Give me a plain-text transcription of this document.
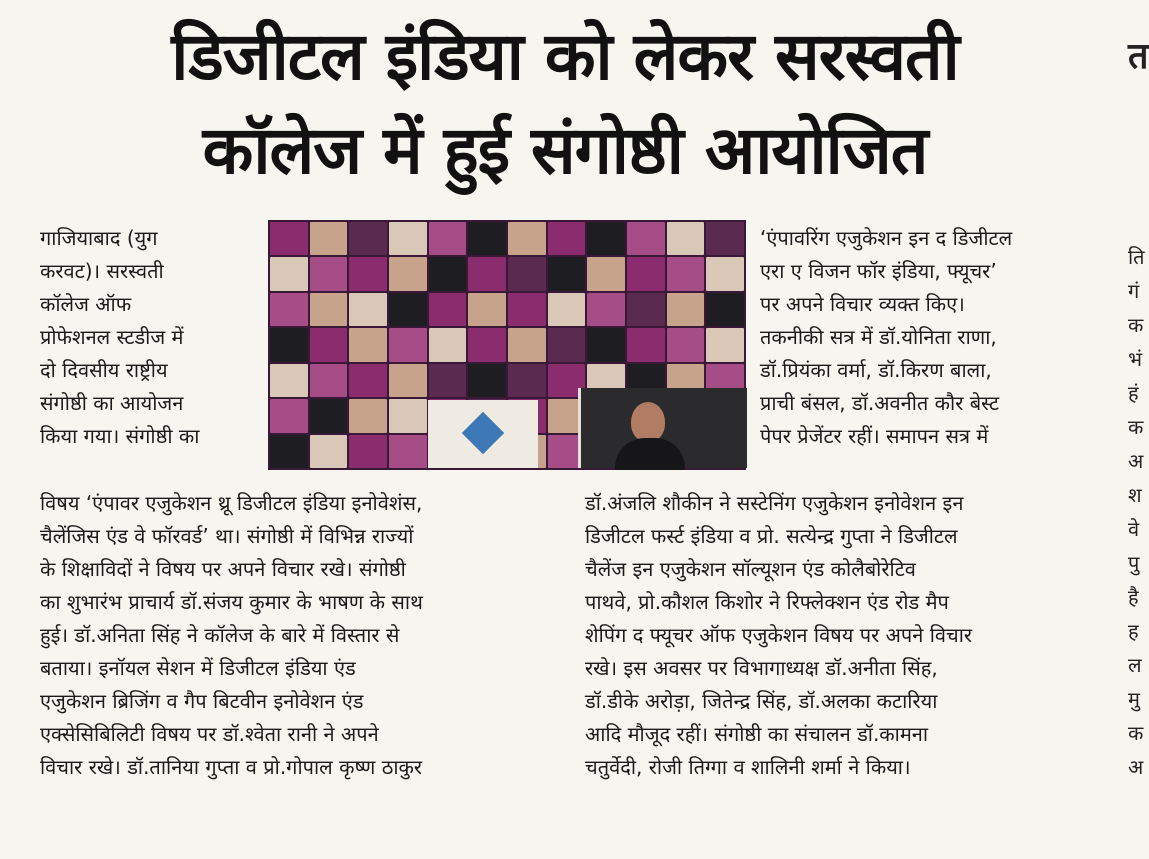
डिजीटल इंडिया को लेकर सरस्वती
कॉलेज में हुई संगोष्ठी आयोजित

गाजियाबाद (युग

करवट)। सरस्वती

कॉलेज ऑफ

प्रोफेशनल स्टडीज में

दो दिवसीय राष्ट्रीय

संगोष्ठी का आयोजन

किया गया। संगोष्ठी का

‘एंपावरिंग एजुकेशन इन द डिजीटल

एरा ए विजन फॉर इंडिया, फ्यूचर’

पर अपने विचार व्यक्त किए।

तकनीकी सत्र में डॉ.योनिता राणा,

डॉ.प्रियंका वर्मा, डॉ.किरण बाला,

प्राची बंसल, डॉ.अवनीत कौर बेस्ट

पेपर प्रेजेंटर रहीं। समापन सत्र में

विषय ‘एंपावर एजुकेशन थ्रू डिजीटल इंडिया इनोवेशंस,

चैलेंजिस एंड वे फॉरवर्ड’ था। संगोष्ठी में विभिन्न राज्यों

के शिक्षाविदों ने विषय पर अपने विचार रखे। संगोष्ठी

का शुभारंभ प्राचार्य डॉ.संजय कुमार के भाषण के साथ

हुई। डॉ.अनिता सिंह ने कॉलेज के बारे में विस्तार से

बताया। इनॉयल सेशन में डिजीटल इंडिया एंड

एजुकेशन ब्रिजिंग व गैप बिटवीन इनोवेशन एंड

एक्सेसिबिलिटी विषय पर डॉ.श्वेता रानी ने अपने

विचार रखे। डॉ.तानिया गुप्ता व प्रो.गोपाल कृष्ण ठाकुर

डॉ.अंजलि शौकीन ने सस्टेनिंग एजुकेशन इनोवेशन इन

डिजीटल फर्स्ट इंडिया व प्रो. सत्येन्द्र गुप्ता ने डिजीटल

चैलेंज इन एजुकेशन सॉल्यूशन एंड कोलैबोरेटिव

पाथवे, प्रो.कौशल किशोर ने रिफ्लेक्शन एंड रोड मैप

शेपिंग द फ्यूचर ऑफ एजुकेशन विषय पर अपने विचार

रखे। इस अवसर पर विभागाध्यक्ष डॉ.अनीता सिंह,

डॉ.डीके अरोड़ा, जितेन्द्र सिंह, डॉ.अलका कटारिया

आदि मौजूद रहीं। संगोष्ठी का संचालन डॉ.कामना

चतुर्वेदी, रोजी तिग्गा व शालिनी शर्मा ने किया।

त
ति
गं
क
भं
हं
क
अ
श
वे
पु
है
ह
ल
मु
क
अ
